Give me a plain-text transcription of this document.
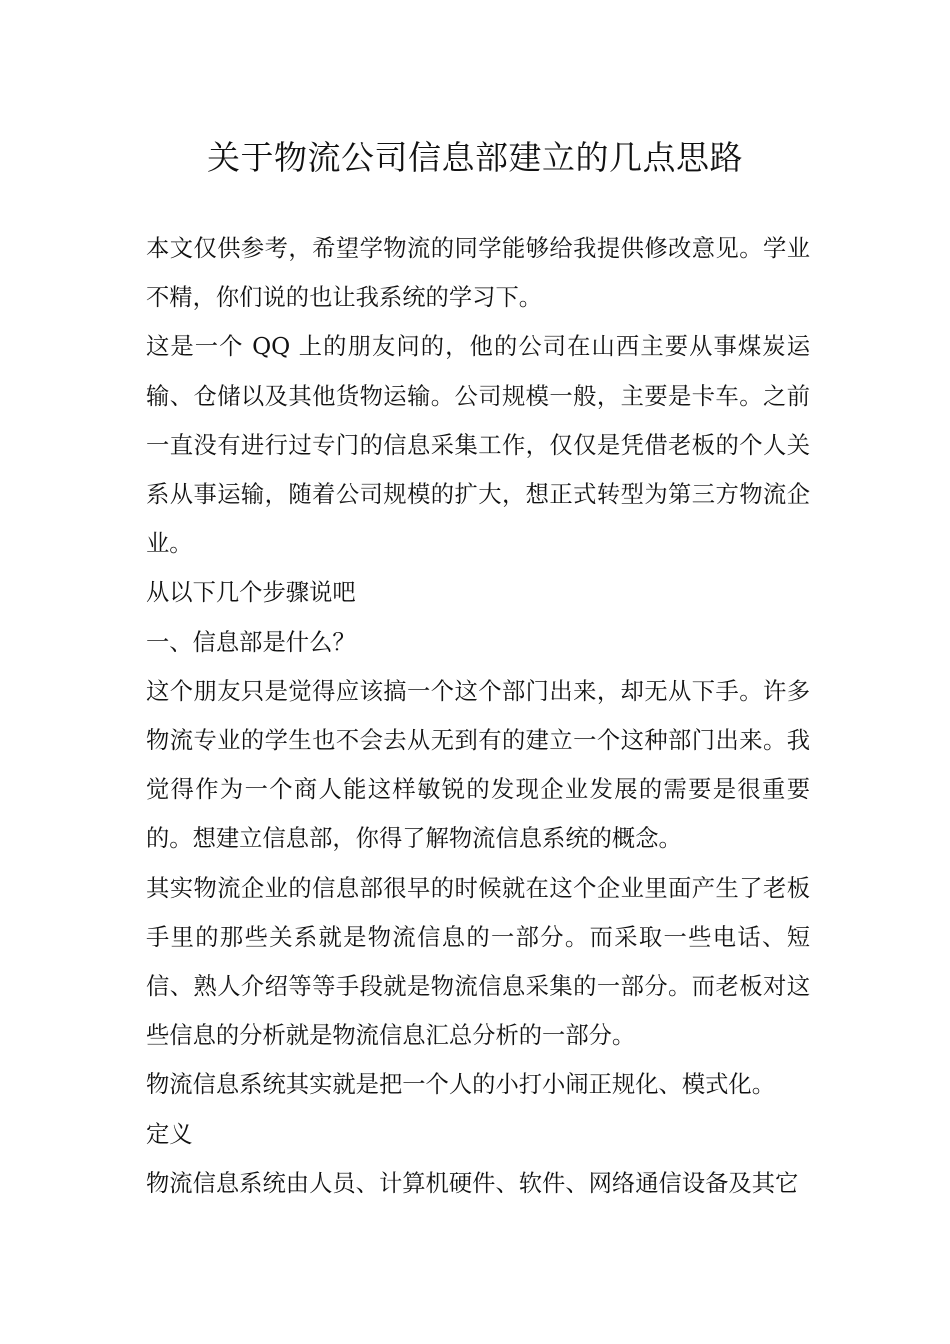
关于物流公司信息部建立的几点思路

本文仅供参考，希望学物流的同学能够给我提供修改意见。学业不精，你们说的也让我系统的学习下。

这是一个 QQ 上的朋友问的，他的公司在山西主要从事煤炭运输、仓储以及其他货物运输。公司规模一般，主要是卡车。之前一直没有进行过专门的信息采集工作，仅仅是凭借老板的个人关系从事运输，随着公司规模的扩大，想正式转型为第三方物流企业。

从以下几个步骤说吧

一、信息部是什么？

这个朋友只是觉得应该搞一个这个部门出来，却无从下手。许多物流专业的学生也不会去从无到有的建立一个这种部门出来。我觉得作为一个商人能这样敏锐的发现企业发展的需要是很重要的。想建立信息部，你得了解物流信息系统的概念。

其实物流企业的信息部很早的时候就在这个企业里面产生了老板手里的那些关系就是物流信息的一部分。而采取一些电话、短信、熟人介绍等等手段就是物流信息采集的一部分。而老板对这些信息的分析就是物流信息汇总分析的一部分。

物流信息系统其实就是把一个人的小打小闹正规化、模式化。

定义

物流信息系统由人员、计算机硬件、软件、网络通信设备及其它
